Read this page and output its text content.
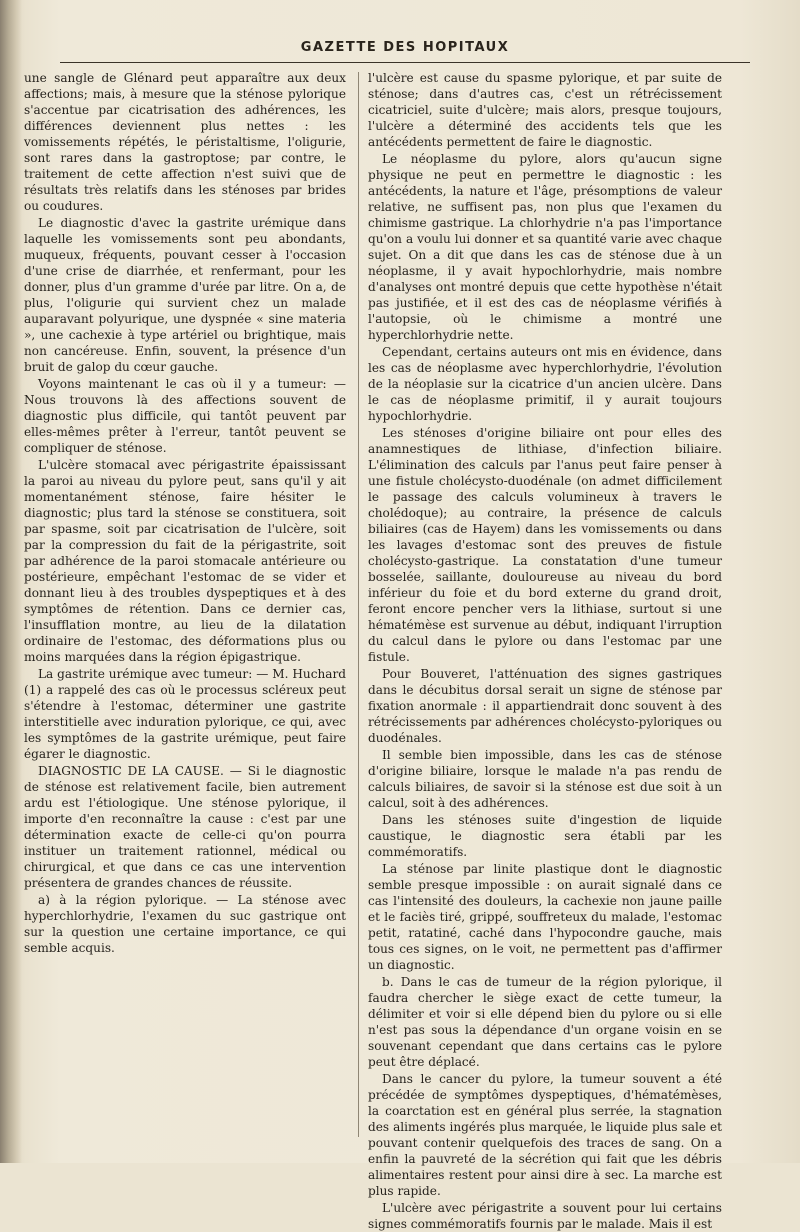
GAZETTE DES HOPITAUX

une sangle de Glénard peut apparaître aux deux affections; mais, à mesure que la sténose pylorique s'accentue par cicatrisation des adhérences, les différences deviennent plus nettes : les vomissements répétés, le péristaltisme, l'oligurie, sont rares dans la gastroptose; par contre, le traitement de cette affection n'est suivi que de résultats très relatifs dans les sténoses par brides ou coudures.

Le diagnostic d'avec la gastrite urémique dans laquelle les vomissements sont peu abondants, muqueux, fréquents, pouvant cesser à l'occasion d'une crise de diarrhée, et renfermant, pour les donner, plus d'un gramme d'urée par litre. On a, de plus, l'oligurie qui survient chez un malade auparavant polyurique, une dyspnée « sine materia », une cachexie à type artériel ou brightique, mais non cancéreuse. Enfin, souvent, la présence d'un bruit de galop du cœur gauche.

Voyons maintenant le cas où il y a tumeur: — Nous trouvons là des affections souvent de diagnostic plus difficile, qui tantôt peuvent par elles-mêmes prêter à l'erreur, tantôt peuvent se compliquer de sténose.

L'ulcère stomacal avec périgastrite épaississant la paroi au niveau du pylore peut, sans qu'il y ait momentanément sténose, faire hésiter le diagnostic; plus tard la sténose se constituera, soit par spasme, soit par cicatrisation de l'ulcère, soit par la compression du fait de la périgastrite, soit par adhérence de la paroi stomacale antérieure ou postérieure, empêchant l'estomac de se vider et donnant lieu à des troubles dyspeptiques et à des symptômes de rétention. Dans ce dernier cas, l'insufflation montre, au lieu de la dilatation ordinaire de l'estomac, des déformations plus ou moins marquées dans la région épigastrique.

La gastrite urémique avec tumeur: — M. Huchard (1) a rappelé des cas où le processus scléreux peut s'étendre à l'estomac, déterminer une gastrite interstitielle avec induration pylorique, ce qui, avec les symptômes de la gastrite urémique, peut faire égarer le diagnostic.

DIAGNOSTIC DE LA CAUSE. — Si le diagnostic de sténose est relativement facile, bien autrement ardu est l'étiologique. Une sténose pylorique, il importe d'en reconnaître la cause : c'est par une détermination exacte de celle-ci qu'on pourra instituer un traitement rationnel, médical ou chirurgical, et que dans ce cas une intervention présentera de grandes chances de réussite.

a) à la région pylorique. — La sténose avec hyperchlorhydrie, l'examen du suc gastrique ont sur la question une certaine importance, ce qui semble acquis.

l'ulcère est cause du spasme pylorique, et par suite de sténose; dans d'autres cas, c'est un rétrécissement cicatriciel, suite d'ulcère; mais alors, presque toujours, l'ulcère a déterminé des accidents tels que les antécédents permettent de faire le diagnostic.

Le néoplasme du pylore, alors qu'aucun signe physique ne peut en permettre le diagnostic : les antécédents, la nature et l'âge, présomptions de valeur relative, ne suffisent pas, non plus que l'examen du chimisme gastrique. La chlorhydrie n'a pas l'importance qu'on a voulu lui donner et sa quantité varie avec chaque sujet. On a dit que dans les cas de sténose due à un néoplasme, il y avait hypochlorhydrie, mais nombre d'analyses ont montré depuis que cette hypothèse n'était pas justifiée, et il est des cas de néoplasme vérifiés à l'autopsie, où le chimisme a montré une hyperchlorhydrie nette.

Cependant, certains auteurs ont mis en évidence, dans les cas de néoplasme avec hyperchlorhydrie, l'évolution de la néoplasie sur la cicatrice d'un ancien ulcère. Dans le cas de néoplasme primitif, il y aurait toujours hypochlorhydrie.

Les sténoses d'origine biliaire ont pour elles des anamnestiques de lithiase, d'infection biliaire. L'élimination des calculs par l'anus peut faire penser à une fistule cholécysto-duodénale (on admet difficilement le passage des calculs volumineux à travers le cholédoque); au contraire, la présence de calculs biliaires (cas de Hayem) dans les vomissements ou dans les lavages d'estomac sont des preuves de fistule cholécysto-gastrique. La constatation d'une tumeur bosselée, saillante, douloureuse au niveau du bord inférieur du foie et du bord externe du grand droit, feront encore pencher vers la lithiase, surtout si une hématémèse est survenue au début, indiquant l'irruption du calcul dans le pylore ou dans l'estomac par une fistule.

Pour Bouveret, l'atténuation des signes gastriques dans le décubitus dorsal serait un signe de sténose par fixation anormale : il appartiendrait donc souvent à des rétrécissements par adhérences cholécysto-pyloriques ou duodénales.

Il semble bien impossible, dans les cas de sténose d'origine biliaire, lorsque le malade n'a pas rendu de calculs biliaires, de savoir si la sténose est due soit à un calcul, soit à des adhérences.

Dans les sténoses suite d'ingestion de liquide caustique, le diagnostic sera établi par les commémoratifs.

La sténose par linite plastique dont le diagnostic semble presque impossible : on aurait signalé dans ce cas l'intensité des douleurs, la cachexie non jaune paille et le faciès tiré, grippé, souffreteux du malade, l'estomac petit, ratatiné, caché dans l'hypocondre gauche, mais tous ces signes, on le voit, ne permettent pas d'affirmer un diagnostic.

b. Dans le cas de tumeur de la région pylorique, il faudra chercher le siège exact de cette tumeur, la délimiter et voir si elle dépend bien du pylore ou si elle n'est pas sous la dépendance d'un organe voisin en se souvenant cependant que dans certains cas le pylore peut être déplacé.

Dans le cancer du pylore, la tumeur souvent a été précédée de symptômes dyspeptiques, d'hématémèses, la coarctation est en général plus serrée, la stagnation des aliments ingérés plus marquée, le liquide plus sale et pouvant contenir quelquefois des traces de sang. On a enfin la pauvreté de la sécrétion qui fait que les débris alimentaires restent pour ainsi dire à sec. La marche est plus rapide.

L'ulcère avec périgastrite a souvent pour lui certains signes commémoratifs fournis par le malade. Mais il est
